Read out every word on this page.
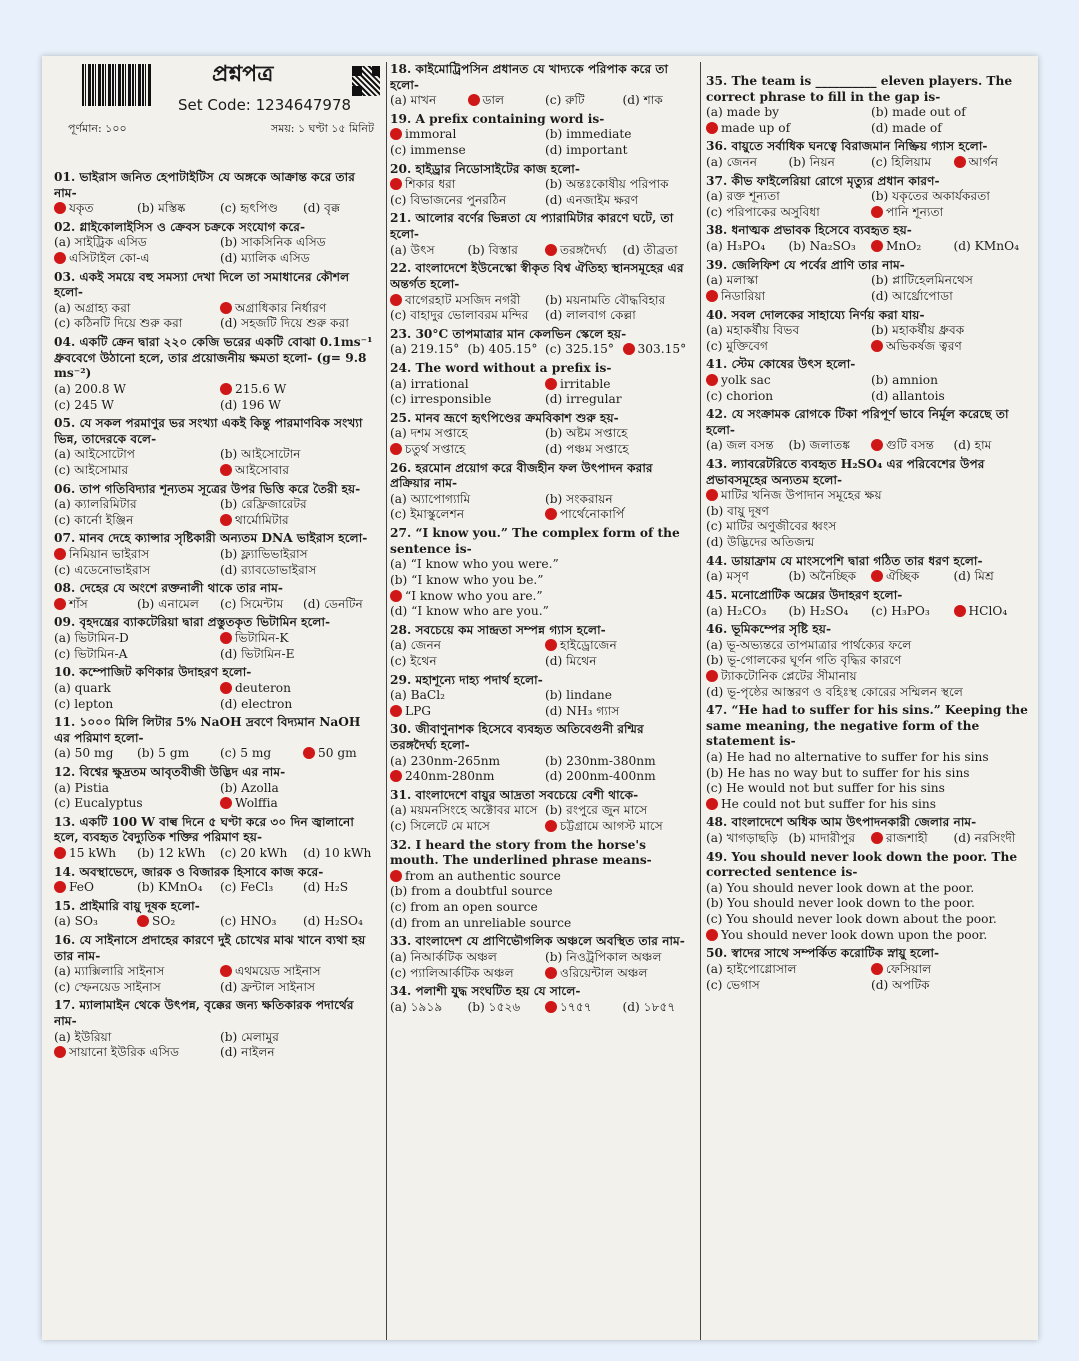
প্রশ্নপত্র
Set Code: 1234647978
পূর্ণমান: ১০০	সময়: ১ ঘণ্টা ১৫ মিনিট
01. ভাইরাস জনিত হেপাটাইটিস যে অঙ্গকে আক্রান্ত করে তার নাম-
যকৃত	(b) মস্তিষ্ক	(c) হৃৎপিণ্ড	(d) বৃক্ক
02. গ্লাইকোলাইসিস ও ক্রেবস চক্রকে সংযোগ করে-
(a) সাইট্রিক এসিড	(b) সাকসিনিক এসিড
এসিটাইল কো-এ	(d) ম্যালিক এসিড
03. একই সময়ে বহু সমস্যা দেখা দিলে তা সমাধানের কৌশল হলো-
(a) অগ্রাহ্য করা	অগ্রাধিকার নির্ধারণ
(c) কঠিনটি দিয়ে শুরু করা	(d) সহজটি দিয়ে শুরু করা
04. একটি ক্রেন দ্বারা ২২০ কেজি ভরের একটি বোঝা 0.1ms⁻¹ ধ্রুববেগে উঠানো হলে, তার প্রয়োজনীয় ক্ষমতা হলো- (g= 9.8 ms⁻²)
(a) 200.8 W	215.6 W
(c) 245 W	(d) 196 W
05. যে সকল পরমাণুর ভর সংখ্যা একই কিন্তু পারমাণবিক সংখ্যা ভিন্ন, তাদেরকে বলে-
(a) আইসোটোপ	(b) আইসোটোন
(c) আইসোমার	আইসোবার
06. তাপ গতিবিদ্যার শূন্যতম সূত্রের উপর ভিত্তি করে তৈরী হয়-
(a) ক্যালরিমিটার	(b) রেফ্রিজারেটর
(c) কার্নো ইঞ্জিন	থার্মোমিটার
07. মানব দেহে ক্যান্সার সৃষ্টিকারী অন্যতম DNA ভাইরাস হলো-
নিমিয়ান ভাইরাস	(b) ফ্ল্যাভিভাইরাস
(c) এডেনোভাইরাস	(d) র‍্যাবডোভাইরাস
08. দেহের যে অংশে রক্তনালী থাকে তার নাম-
শাঁস	(b) এনামেল	(c) সিমেন্টাম	(d) ডেনটিন
09. বৃহদন্ত্রের ব্যাকটেরিয়া দ্বারা প্রস্তুতকৃত ভিটামিন হলো-
(a) ভিটামিন-D	ভিটামিন-K
(c) ভিটামিন-A	(d) ভিটামিন-E
10. কম্পোজিট কণিকার উদাহরণ হলো-
(a) quark	deuteron
(c) lepton	(d) electron
11. ১০০০ মিলি লিটার 5% NaOH দ্রবণে বিদ্যমান NaOH এর পরিমাণ হলো-
(a) 50 mg	(b) 5 gm	(c) 5 mg	50 gm
12. বিশ্বের ক্ষুদ্রতম আবৃতবীজী উদ্ভিদ এর নাম-
(a) Pistia	(b) Azolla
(c) Eucalyptus	Wolffia
13. একটি 100 W বাল্ব দিনে ৫ ঘণ্টা করে ৩০ দিন জ্বালানো হলে, ব্যবহৃত বৈদ্যুতিক শক্তির পরিমাণ হয়-
15 kWh	(b) 12 kWh	(c) 20 kWh	(d) 10 kWh
14. অবস্থাভেদে, জারক ও বিজারক হিসাবে কাজ করে-
FeO	(b) KMnO₄	(c) FeCl₃	(d) H₂S
15. প্রাইমারি বায়ু দূষক হলো-
(a) SO₃	SO₂	(c) HNO₃	(d) H₂SO₄
16. যে সাইনাসে প্রদাহের কারণে দুই চোখের মাঝ খানে ব্যথা হয় তার নাম-
(a) ম্যাক্সিলারি সাইনাস	এথময়েড সাইনাস
(c) স্ফেনয়েড সাইনাস	(d) ফ্রন্টাল সাইনাস
17. ম্যালামাইন থেকে উৎপন্ন, বৃক্কের জন্য ক্ষতিকারক পদার্থের নাম-
(a) ইউরিয়া	(b) মেলামুর
সায়ানো ইউরিক এসিড	(d) নাইলন
18. কাইমোট্রিপসিন প্রধানত যে খাদ্যকে পরিপাক করে তা হলো-
(a) মাখন	ডাল	(c) রুটি	(d) শাক
19. A prefix containing word is-
immoral	(b) immediate
(c) immense	(d) important
20. হাইড্রার নিডোসাইটের কাজ হলো-
শিকার ধরা	(b) অন্তঃকোষীয় পরিপাক
(c) বিভাজনের পুনরঠিন	(d) এনজাইম ক্ষরণ
21. আলোর বর্ণের ভিন্নতা যে প্যারামিটার কারণে ঘটে, তা হলো-
(a) উৎস	(b) বিস্তার	তরঙ্গদৈর্ঘ্য	(d) তীব্রতা
22. বাংলাদেশে ইউনেস্কো স্বীকৃত বিশ্ব ঐতিহ্য স্থানসমূহের এর অন্তর্গত হলো-
বাগেরহাট মসজিদ নগরী	(b) ময়নামতি বৌদ্ধবিহার
(c) বাহাদুর ভোলাবরম মন্দির	(d) লালবাগ কেল্লা
23. 30°C তাপমাত্রার মান কেলভিন স্কেলে হয়-
(a) 219.15° (b) 405.15° (c) 325.15°	303.15°
24. The word without a prefix is-
(a) irrational	irritable
(c) irresponsible	(d) irregular
25. মানব ভ্রূণে হৃৎপিণ্ডের ক্রমবিকাশ শুরু হয়-
(a) দশম সপ্তাহে	(b) অষ্টম সপ্তাহে
চতুর্থ সপ্তাহে	(d) পঞ্চম সপ্তাহে
26. হরমোন প্রয়োগ করে বীজহীন ফল উৎপাদন করার প্রক্রিয়ার নাম-
(a) অ্যাপোগ্যামি	(b) সংকরায়ন
(c) ইমাস্কুলেশন	পার্থেনোকার্পি
27. “I know you.” The complex form of the sentence is-
(a) “I know who you were.”
(b) “I know who you be.”
“I know who you are.”
(d) “I know who are you.”
28. সবচেয়ে কম সান্দ্রতা সম্পন্ন গ্যাস হলো-
(a) জেনন	হাইড্রোজেন
(c) ইথেন	(d) মিথেন
29. মহাশূন্যে দাহ্য পদার্থ হলো-
(a) BaCl₂	(b) lindane
LPG	(d) NH₃ গ্যাস
30. জীবাণুনাশক হিসেবে ব্যবহৃত অতিবেগুনী রশ্মির তরঙ্গদৈর্ঘ্য হলো-
(a) 230nm-265nm	(b) 230nm-380nm
240nm-280nm	(d) 200nm-400nm
31. বাংলাদেশে বায়ুর আদ্রতা সবচেয়ে বেশী থাকে-
(a) ময়মনসিংহে অক্টোবর মাসে (b) রংপুরে জুন মাসে
(c) সিলেটে মে মাসে	চট্টগ্রামে আগস্ট মাসে
32. I heard the story from the horse's mouth. The underlined phrase means-
from an authentic source
(b) from a doubtful source
(c) from an open source
(d) from an unreliable source
33. বাংলাদেশ যে প্রাণিভৌগলিক অঞ্চলে অবস্থিত তার নাম-
(a) নিআর্কটিক অঞ্চল	(b) নিওট্রপিকাল অঞ্চল
(c) প্যালিআর্কটিক অঞ্চল	ওরিয়েন্টাল অঞ্চল
34. পলাশী যুদ্ধ সংঘটিত হয় যে সালে-
(a) ১৯১৯	(b) ১৫২৬	১৭৫৭	(d) ১৮৫৭
35. The team is __________ eleven players. The correct phrase to fill in the gap is-
(a) made by	(b) made out of
made up of	(d) made of
36. বায়ুতে সর্বাধিক ঘনত্বে বিরাজমান নিষ্ক্রিয় গ্যাস হলো-
(a) জেনন	(b) নিয়ন	(c) হিলিয়াম	আর্গন
37. কীভ ফাইলেরিয়া রোগে মৃত্যুর প্রধান কারণ-
(a) রক্ত শূন্যতা	(b) যকৃতের অকার্যকরতা
(c) পরিপাকের অসুবিধা	পানি শূন্যতা
38. ধনাত্মক প্রভাবক হিসেবে ব্যবহৃত হয়-
(a) H₃PO₄	(b) Na₂SO₃	MnO₂	(d) KMnO₄
39. জেলিফিশ যে পর্বের প্রাণি তার নাম-
(a) মলাস্কা	(b) প্লাটিহেলমিনথেস
নিডারিয়া	(d) আর্থ্রোপোডা
40. সবল দোলকের সাহায্যে নির্ণয় করা যায়-
(a) মহাকর্ষীয় বিভব	(b) মহাকর্ষীয় ধ্রুবক
(c) মুক্তিবেগ	অভিকর্ষজ ত্বরণ
41. স্টেম কোষের উৎস হলো-
yolk sac	(b) amnion
(c) chorion	(d) allantois
42. যে সংক্রামক রোগকে টিকা পরিপূর্ণ ভাবে নির্মূল করেছে তা হলো-
(a) জল বসন্ত	(b) জলাতঙ্ক	গুটি বসন্ত	(d) হাম
43. ল্যাবরেটরিতে ব্যবহৃত H₂SO₄ এর পরিবেশের উপর প্রভাবসমূহের অন্যতম হলো-
মাটির খনিজ উপাদান সমূহের ক্ষয়
(b) বায়ু দূষণ
(c) মাটির অণুজীবের ধ্বংস
(d) উদ্ভিদের অতিজন্ম
44. ডায়াফ্রাম যে মাংসপেশি দ্বারা গঠিত তার ধরণ হলো-
(a) মসৃণ	(b) অনৈচ্ছিক	ঐচ্ছিক	(d) মিশ্র
45. মনোপ্রোটিক অম্লের উদাহরণ হলো-
(a) H₂CO₃	(b) H₂SO₄	(c) H₃PO₃	HClO₄
46. ভূমিকম্পের সৃষ্টি হয়-
(a) ভূ-অভ্যন্তরে তাপমাত্রার পার্থক্যের ফলে
(b) ভূ-গোলকের ঘূর্ণন গতি বৃদ্ধির কারণে
ট্যাকটোনিক প্লেটের সীমানায়
(d) ভূ-পৃষ্ঠের আস্তরণ ও বহিঃস্থ কোরের সম্মিলন স্থলে
47. “He had to suffer for his sins.” Keeping the same meaning, the negative form of the statement is-
(a) He had no alternative to suffer for his sins
(b) He has no way but to suffer for his sins
(c) He would not but suffer for his sins
He could not but suffer for his sins
48. বাংলাদেশে অধিক আম উৎপাদনকারী জেলার নাম-
(a) খাগড়াছড়ি (b) মাদারীপুর	রাজশাহী	(d) নরসিংদী
49. You should never look down the poor. The corrected sentence is-
(a) You should never look down at the poor.
(b) You should never look down to the poor.
(c) You should never look down about the poor.
You should never look down upon the poor.
50. স্বাদের সাথে সম্পর্কিত করোটিক স্নায়ু হলো-
(a) হাইপোগ্লোসাল	ফেসিয়াল
(c) ভেগাস	(d) অপটিক
